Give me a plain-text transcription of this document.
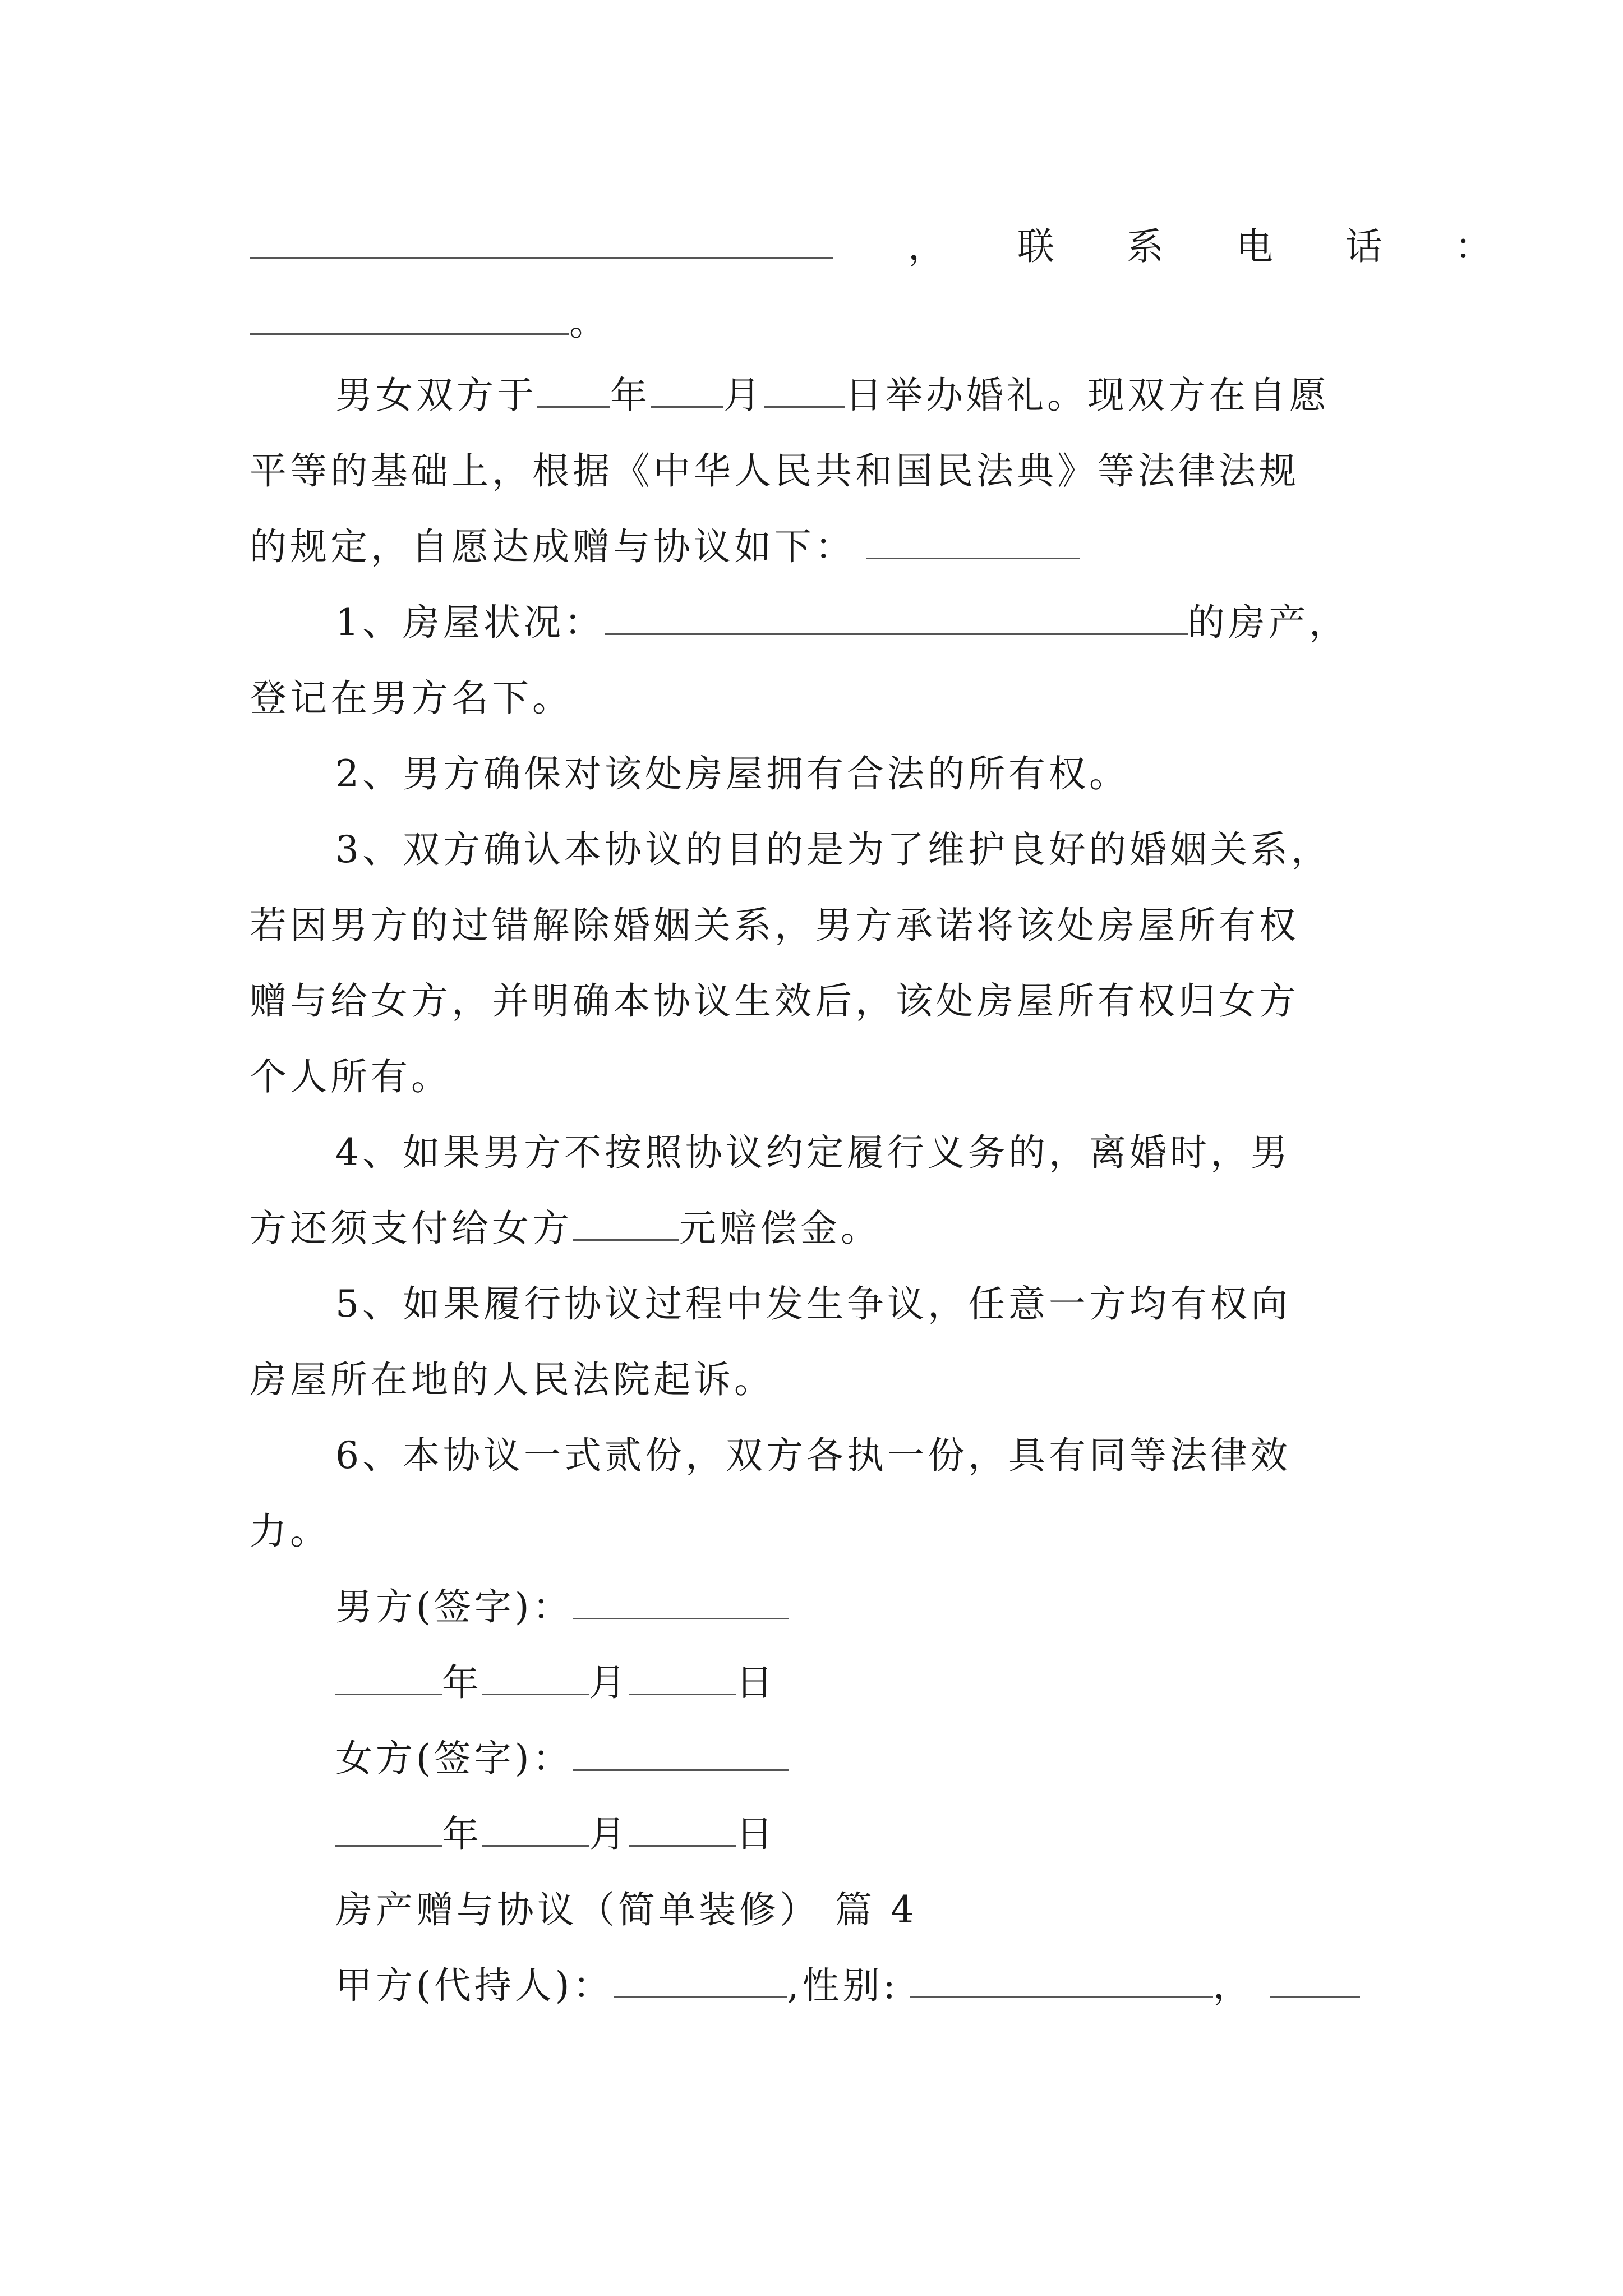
， 联 系 电 话 ：
。
男女双方于 年 月 日举办婚礼。现双方在自愿
平等的基础上，根据《中华人民共和国民法典》等法律法规
的规定，自愿达成赠与协议如下：
1、房屋状况：	的房产，
登记在男方名下。
2、男方确保对该处房屋拥有合法的所有权。
3、双方确认本协议的目的是为了维护良好的婚姻关系，
若因男方的过错解除婚姻关系，男方承诺将该处房屋所有权
赠与给女方，并明确本协议生效后，该处房屋所有权归女方
个人所有。
4、如果男方不按照协议约定履行义务的，离婚时，男
方还须支付给女方	元赔偿金。
5、如果履行协议过程中发生争议，任意一方均有权向
房屋所在地的人民法院起诉。
6、本协议一式贰份，双方各执一份，具有同等法律效
力。
男方(签字)：
年	月	日
女方(签字)：
年	月	日
房产赠与协议（简单装修） 篇 4
甲方(代持人)：	,性别:	，
